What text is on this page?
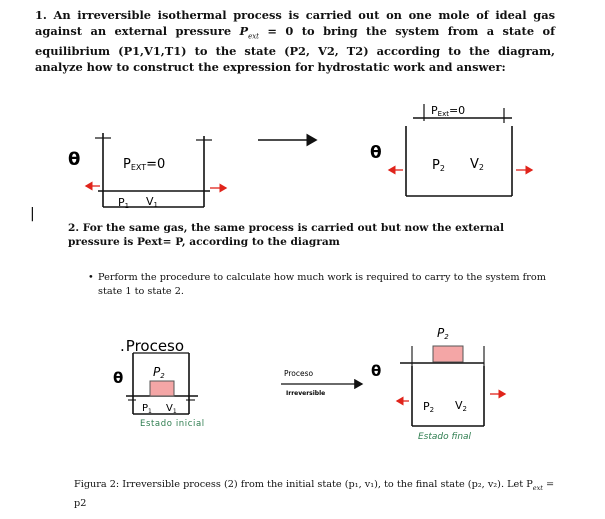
1. An irreversible isothermal process is carried out on one mole of ideal gas against an external pressure $P_{ext} = 0$ to bring the system from a state of equilibrium (P1,V1,T1) to the state (P2, V2, T2) according to the diagram, analyze how to construct the expression for hydrostatic work and answer:
θ	PEXT=0
P1 V1
PExt=0
θ
P2 V2
|
.Proceso
θ P2
$P_1$ $V_1$
Estado inicial
Proceso
Irreversible
P2
θ
P2 V2
Estado final
2. For the same gas, the same process is carried out but now the external pressure is Pext= P, according to the diagram
• Perform the procedure to calculate how much work is required to carry to the system from state 1 to state 2.
Figura 2: Irreversible process (2) from the initial state (p₁, v₁), to the final state (p₂, v₂). Let $P_{ext} = p2$
